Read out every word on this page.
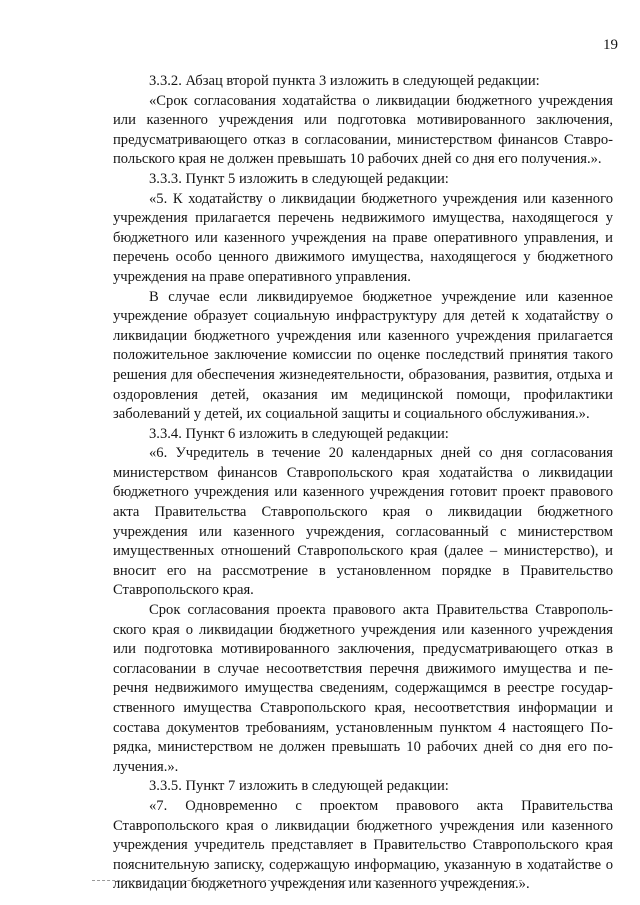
19

3.3.2. Абзац второй пункта 3 изложить в следующей редакции:

«Срок согласования ходатайства о ликвидации бюджетного учреждения или казенного учреждения или подготовка мотивированного заключения, предусматривающего отказ в согласовании, министерством финансов Ставропольского края не должен превышать 10 рабочих дней со дня его получения.».

3.3.3. Пункт 5 изложить в следующей редакции:

«5. К ходатайству о ликвидации бюджетного учреждения или казенного учреждения прилагается перечень недвижимого имущества, находящегося у бюджетного или казенного учреждения на праве оперативного управления, и перечень особо ценного движимого имущества, находящегося у бюджетного учреждения на праве оперативного управления.

В случае если ликвидируемое бюджетное учреждение или казенное учреждение образует социальную инфраструктуру для детей к ходатайству о ликвидации бюджетного учреждения или казенного учреждения прилагается положительное заключение комиссии по оценке последствий принятия такого решения для обеспечения жизнедеятельности, образования, развития, отдыха и оздоровления детей, оказания им медицинской помощи, профилактики заболеваний у детей, их социальной защиты и социального обслуживания.».

3.3.4. Пункт 6 изложить в следующей редакции:

«6. Учредитель в течение 20 календарных дней со дня согласования министерством финансов Ставропольского края ходатайства о ликвидации бюджетного учреждения или казенного учреждения готовит проект правового акта Правительства Ставропольского края о ликвидации бюджетного учреждения или казенного учреждения, согласованный с министерством имущественных отношений Ставропольского края (далее – министерство), и вносит его на рассмотрение в установленном порядке в Правительство Ставропольского края.

Срок согласования проекта правового акта Правительства Ставропольского края о ликвидации бюджетного учреждения или казенного учреждения или подготовка мотивированного заключения, предусматривающего отказ в согласовании в случае несоответствия перечня движимого имущества и перечня недвижимого имущества сведениям, содержащимся в реестре государственного имущества Ставропольского края, несоответствия информации и состава документов требованиям, установленным пунктом 4 настоящего Порядка, министерством не должен превышать 10 рабочих дней со дня его получения.».

3.3.5. Пункт 7 изложить в следующей редакции:

«7. Одновременно с проектом правового акта Правительства Ставропольского края о ликвидации бюджетного учреждения или казенного учреждения учредитель представляет в Правительство Ставропольского края пояснительную записку, содержащую информацию, указанную в ходатайстве о ликвидации бюджетного учреждения или казенного учреждения.».
